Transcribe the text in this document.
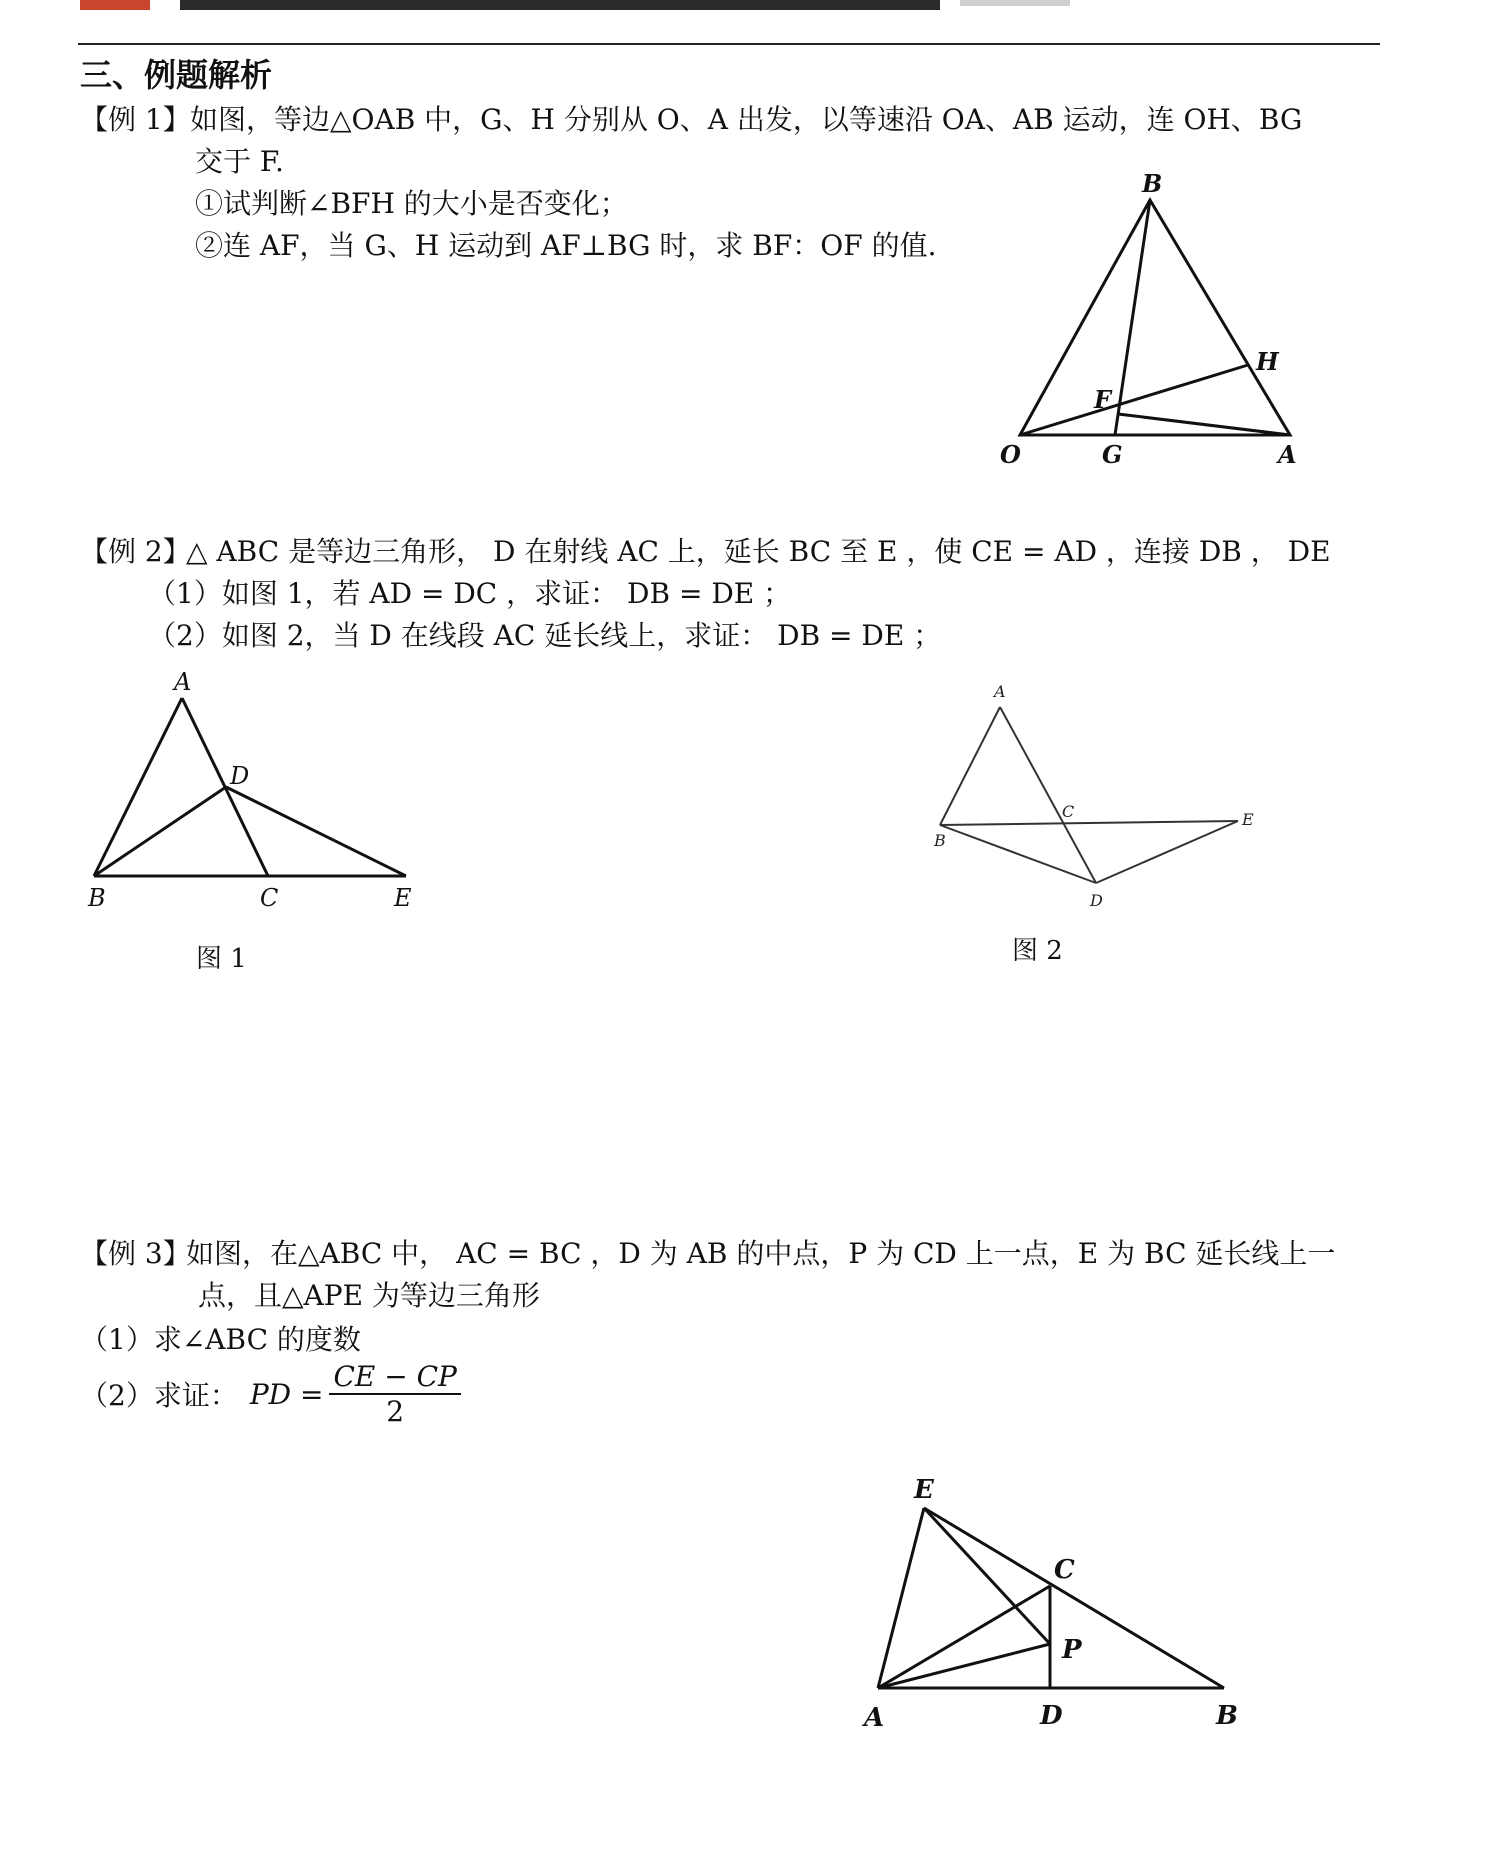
三、例题解析
【例 1】 如图，等边△OAB 中，G、H 分别从 O、A 出发，以等速沿 OA、AB 运动，连 OH、BG
交于 F.
①试判断∠BFH 的大小是否变化；
②连 AF，当 G、H 运动到 AF⊥BG 时，求 BF：OF 的值.
B
H
F
O	G	A
【例 2】
△ ABC 是等边三角形， D 在射线 AC 上，延长 BC 至 E ，使 CE = AD ，连接 DB ， DE
（1）如图 1，若 AD = DC ，求证： DB = DE ；
（2）如图 2，当 D 在线段 AC 延长线上，求证： DB = DE ；
A
D
B	C	E
图 1
A
C	E
B
D
图 2
【例 3】
如图，在△ABC 中， AC = BC ，D 为 AB 的中点，P 为 CD 上一点，E 为 BC 延长线上一
点，且△APE 为等边三角形
（1）求∠ABC 的度数
（2）求证： PD = $\frac{CE - CP}{2}$
E
C
P
A	D	B
